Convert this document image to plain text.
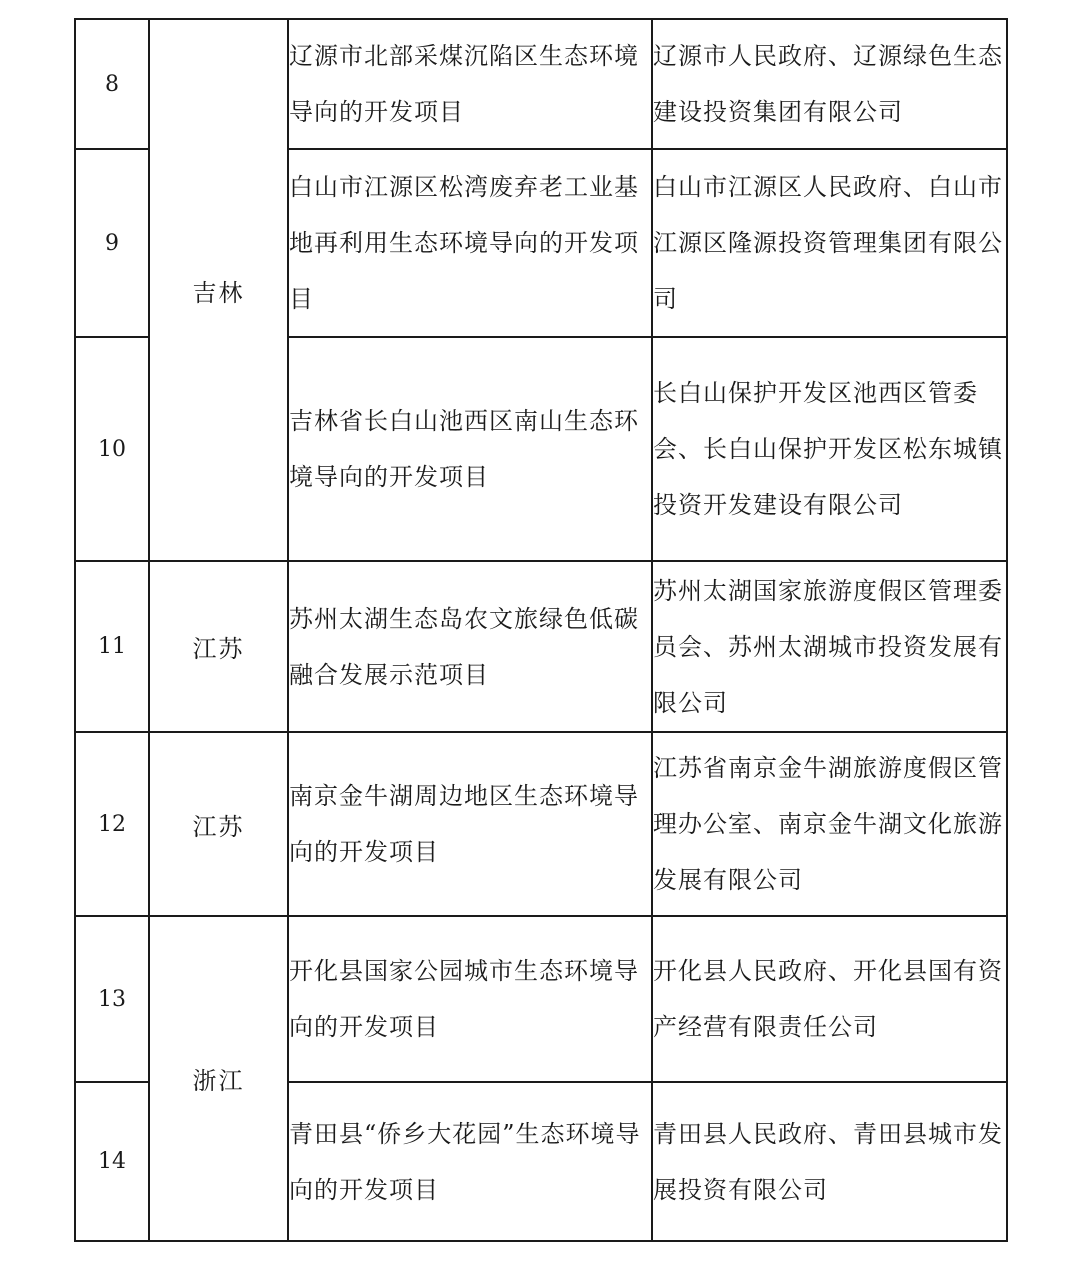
8	吉林	辽源市北部采煤沉陷区生态环境导向的开发项目	辽源市人民政府、辽源绿色生态建设投资集团有限公司

9		白山市江源区松湾废弃老工业基地再利用生态环境导向的开发项目	白山市江源区人民政府、白山市江源区隆源投资管理集团有限公司

10		吉林省长白山池西区南山生态环境导向的开发项目	长白山保护开发区池西区管委会、长白山保护开发区松东城镇投资开发建设有限公司

11	江苏	苏州太湖生态岛农文旅绿色低碳融合发展示范项目	苏州太湖国家旅游度假区管理委员会、苏州太湖城市投资发展有限公司

12	江苏	南京金牛湖周边地区生态环境导向的开发项目	江苏省南京金牛湖旅游度假区管理办公室、南京金牛湖文化旅游发展有限公司

13	浙江	开化县国家公园城市生态环境导向的开发项目	开化县人民政府、开化县国有资产经营有限责任公司

14		青田县“侨乡大花园”生态环境导向的开发项目	青田县人民政府、青田县城市发展投资有限公司
